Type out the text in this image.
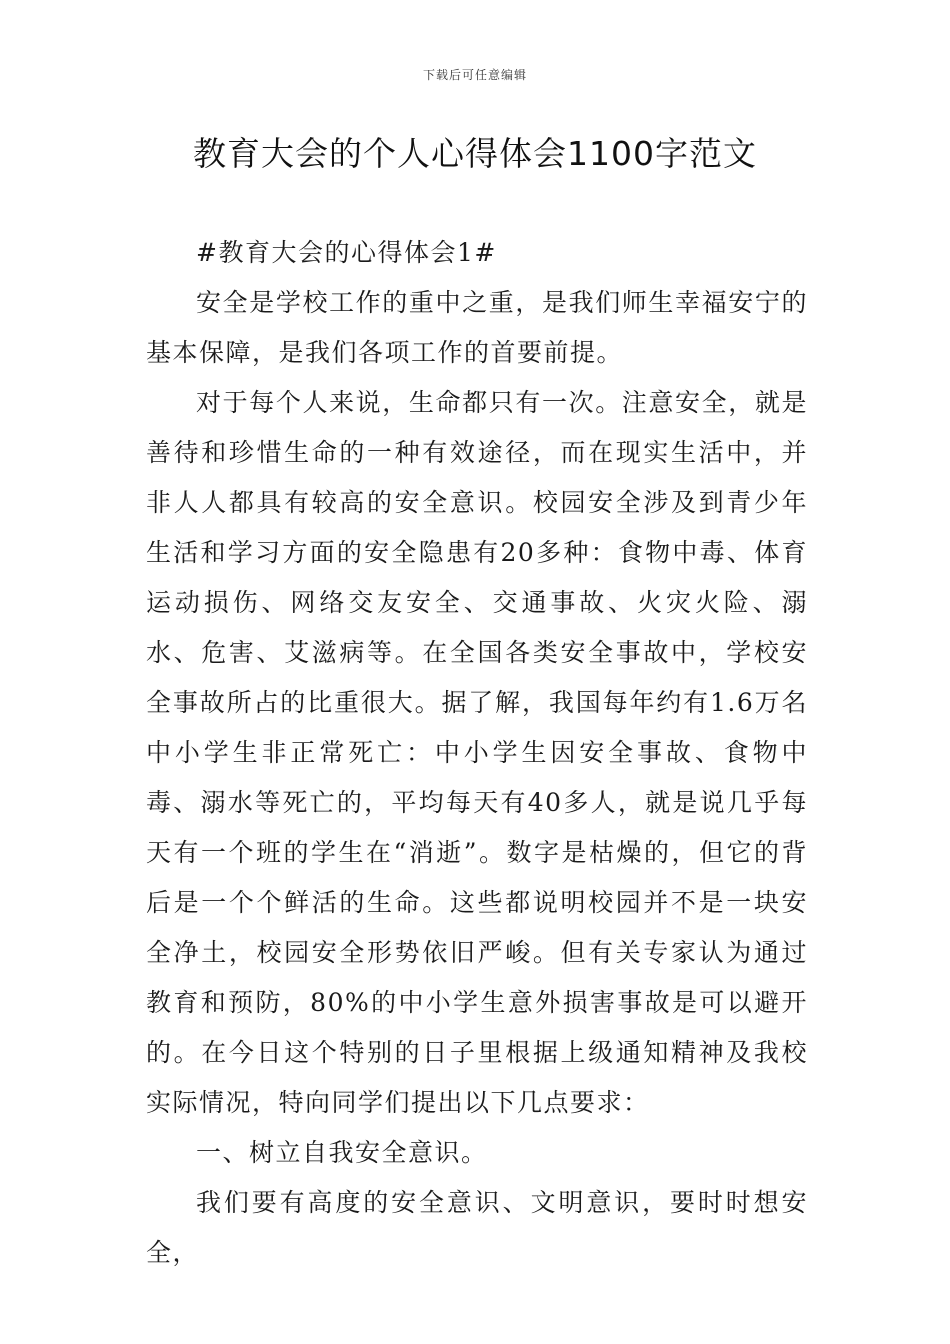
下载后可任意编辑
教育大会的个人心得体会1100字范文

#教育大会的心得体会1#

安全是学校工作的重中之重，是我们师生幸福安宁的基本保障，是我们各项工作的首要前提。

对于每个人来说，生命都只有一次。注意安全，就是善待和珍惜生命的一种有效途径，而在现实生活中，并非人人都具有较高的安全意识。校园安全涉及到青少年生活和学习方面的安全隐患有20多种：食物中毒、体育运动损伤、网络交友安全、交通事故、火灾火险、溺水、危害、艾滋病等。在全国各类安全事故中，学校安全事故所占的比重很大。据了解，我国每年约有1.6万名中小学生非正常死亡：中小学生因安全事故、食物中毒、溺水等死亡的，平均每天有40多人，就是说几乎每天有一个班的学生在“消逝”。数字是枯燥的，但它的背后是一个个鲜活的生命。这些都说明校园并不是一块安全净土，校园安全形势依旧严峻。但有关专家认为通过教育和预防，80%的中小学生意外损害事故是可以避开的。在今日这个特别的日子里根据上级通知精神及我校实际情况，特向同学们提出以下几点要求：

一、树立自我安全意识。

我们要有高度的安全意识、文明意识，要时时想安全，
